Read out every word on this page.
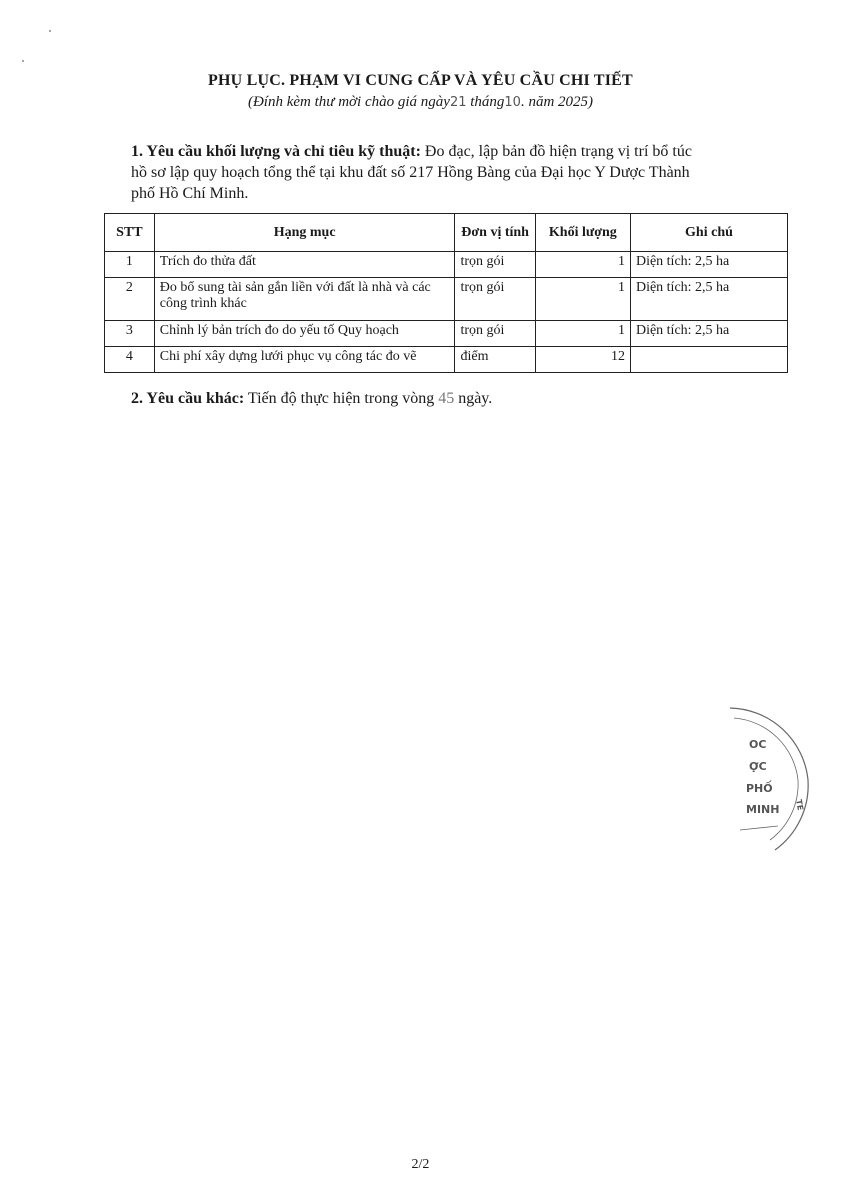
PHỤ LỤC. PHẠM VI CUNG CẤP VÀ YÊU CẦU CHI TIẾT
(Đính kèm thư mời chào giá ngày21 tháng10. năm 2025)
1. Yêu cầu khối lượng và chỉ tiêu kỹ thuật: Đo đạc, lập bản đồ hiện trạng vị trí bổ túc hồ sơ lập quy hoạch tổng thể tại khu đất số 217 Hồng Bàng của Đại học Y Dược Thành phố Hồ Chí Minh.
STT	Hạng mục	Đơn vị tính	Khối lượng	Ghi chú
1	Trích đo thửa đất	trọn gói	1	Diện tích: 2,5 ha
2	Đo bổ sung tài sản gắn liền với đất là nhà và các công trình khác	trọn gói	1	Diện tích: 2,5 ha
3	Chỉnh lý bản trích đo do yếu tố Quy hoạch	trọn gói	1	Diện tích: 2,5 ha
4	Chi phí xây dựng lưới phục vụ công tác đo vẽ	điểm	12	
2. Yêu cầu khác: Tiến độ thực hiện trong vòng 45 ngày.
OC
ỢC
PHỐ
MINH TE
2/2
